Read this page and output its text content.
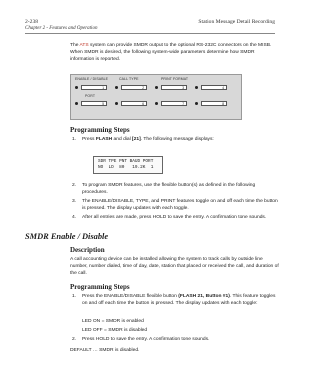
2-238
Chapter 2 - Features and Operation
Station Message Detail Recording
The ATS system can provide SMDR output to the optional RS-232C connectors on the MISB. When SMDR is desired, the following system-wide parameters determine how SMDR information is reported.
ENABLE / DISABLE	CALL TYPE	PRINT FORMAT
1	2	3	4
PORT
5	6	7	8
Programming Steps
1. Press FLASH and dial [21]. The following message displays:
SDR TPE PNT BAUD PORT
NO  LD  80   19.2K  1
2. To program SMDR features, use the flexible button(s) as defined in the following procedures.
3. The ENABLE/DISABLE, TYPE, and PRINT features toggle on and off each time the button is pressed. The display updates with each toggle.
4. After all entries are made, press HOLD to save the entry. A confirmation tone sounds.
SMDR Enable / Disable
Description
A call accounting device can be installed allowing the system to track calls by outside line number, number dialed, time of day, date, station that placed or received the call, and duration of the call.
Programming Steps
1. Press the ENABLE/DISABLE flexible button (FLASH 21, Button #1). This feature toggles on and off each time the button is pressed. The display updates with each toggle:
LED ON = SMDR is enabled
LED OFF = SMDR is disabled
2. Press HOLD to save the entry. A confirmation tone sounds.
DEFAULT … SMDR is disabled.
